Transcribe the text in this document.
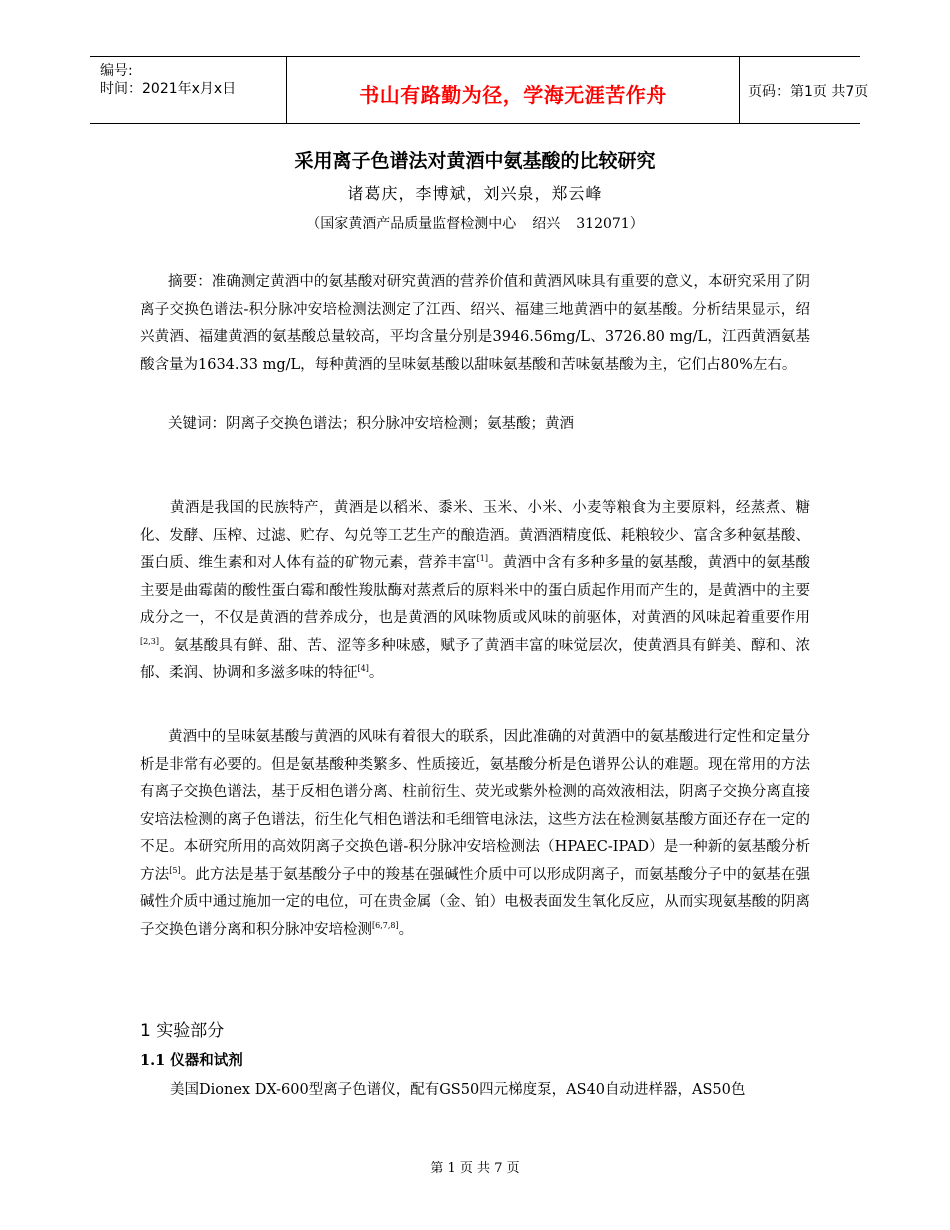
编号:
时间：2021年x月x日	书山有路勤为径，学海无涯苦作舟	页码：第1页 共7页
采用离子色谱法对黄酒中氨基酸的比较研究
诸葛庆，李博斌，刘兴泉，郑云峰
（国家黄酒产品质量监督检测中心 绍兴 312071）

摘要：准确测定黄酒中的氨基酸对研究黄酒的营养价值和黄酒风味具有重要的意义，本研究采用了阴离子交换色谱法-积分脉冲安培检测法测定了江西、绍兴、福建三地黄酒中的氨基酸。分析结果显示，绍兴黄酒、福建黄酒的氨基酸总量较高，平均含量分别是3946.56mg/L、3726.80 mg/L，江西黄酒氨基酸含量为1634.33 mg/L，每种黄酒的呈味氨基酸以甜味氨基酸和苦味氨基酸为主，它们占80%左右。

关键词：阴离子交换色谱法；积分脉冲安培检测；氨基酸；黄酒

黄酒是我国的民族特产，黄酒是以稻米、黍米、玉米、小米、小麦等粮食为主要原料，经蒸煮、糖化、发酵、压榨、过滤、贮存、勾兑等工艺生产的酿造酒。黄酒酒精度低、耗粮较少、富含多种氨基酸、蛋白质、维生素和对人体有益的矿物元素，营养丰富[1]。黄酒中含有多种多量的氨基酸，黄酒中的氨基酸主要是曲霉菌的酸性蛋白霉和酸性羧肽酶对蒸煮后的原料米中的蛋白质起作用而产生的，是黄酒中的主要成分之一，不仅是黄酒的营养成分，也是黄酒的风味物质或风味的前驱体，对黄酒的风味起着重要作用[2,3]。氨基酸具有鲜、甜、苦、涩等多种味感，赋予了黄酒丰富的味觉层次，使黄酒具有鲜美、醇和、浓郁、柔润、协调和多滋多味的特征[4]。

黄酒中的呈味氨基酸与黄酒的风味有着很大的联系，因此准确的对黄酒中的氨基酸进行定性和定量分析是非常有必要的。但是氨基酸种类繁多、性质接近，氨基酸分析是色谱界公认的难题。现在常用的方法有离子交换色谱法，基于反相色谱分离、柱前衍生、荧光或紫外检测的高效液相法，阴离子交换分离直接安培法检测的离子色谱法，衍生化气相色谱法和毛细管电泳法，这些方法在检测氨基酸方面还存在一定的不足。本研究所用的高效阴离子交换色谱-积分脉冲安培检测法（HPAEC-IPAD）是一种新的氨基酸分析方法[5]。此方法是基于氨基酸分子中的羧基在强碱性介质中可以形成阴离子，而氨基酸分子中的氨基在强碱性介质中通过施加一定的电位，可在贵金属（金、铂）电极表面发生氧化反应，从而实现氨基酸的阴离子交换色谱分离和积分脉冲安培检测[6,7,8]。

1 实验部分
1.1 仪器和试剂

美国Dionex DX-600型离子色谱仪，配有GS50四元梯度泵，AS40自动进样器，AS50色

第 1 页 共 7 页
